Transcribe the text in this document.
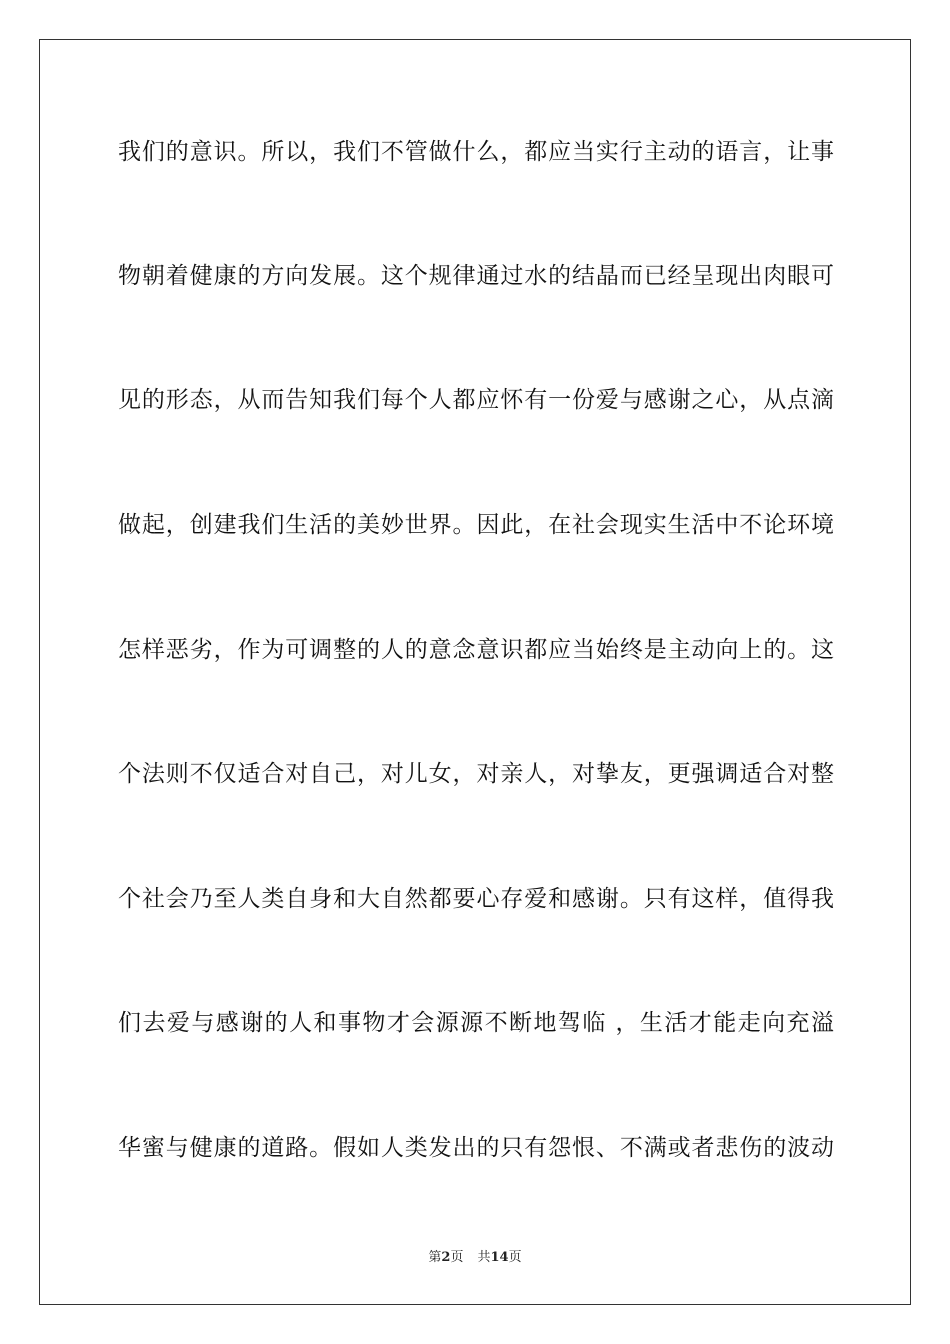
我们的意识。所以，我们不管做什么，都应当实行主动的语言，让事
物朝着健康的方向发展。这个规律通过水的结晶而已经呈现出肉眼可
见的形态，从而告知我们每个人都应怀有一份爱与感谢之心，从点滴
做起，创建我们生活的美妙世界。因此，在社会现实生活中不论环境
怎样恶劣，作为可调整的人的意念意识都应当始终是主动向上的。这
个法则不仅适合对自己，对儿女，对亲人，对挚友，更强调适合对整
个社会乃至人类自身和大自然都要心存爱和感谢。只有这样，值得我
们去爱与感谢的人和事物才会源源不断地驾临 ，生活才能走向充溢
华蜜与健康的道路。假如人类发出的只有怨恨、不满或者悲伤的波动
第2页 共14页
